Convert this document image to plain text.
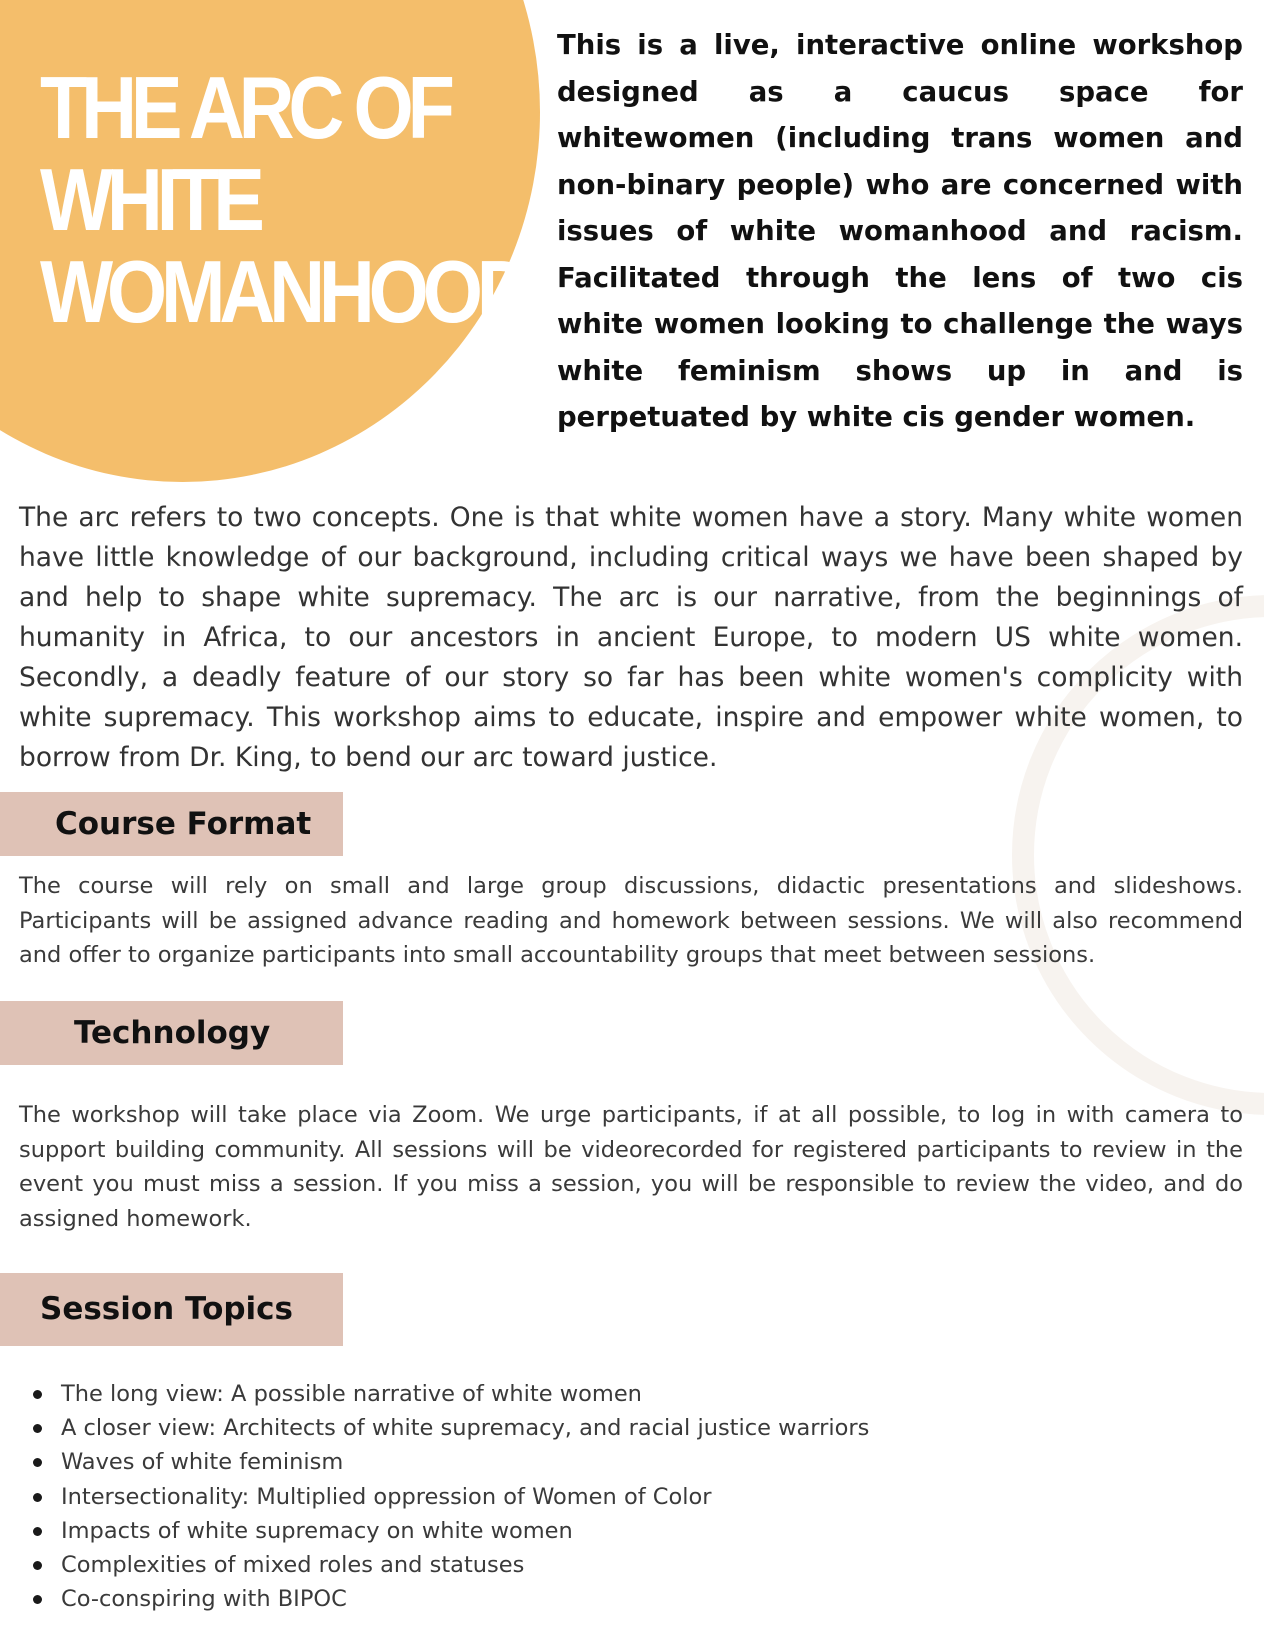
THE ARC OF
WHITE
WOMANHOOD

This is a live, interactive online workshop designed as a caucus space for whitewomen (including trans women and non-binary people) who are concerned with issues of white womanhood and racism. Facilitated through the lens of two cis white women looking to challenge the ways white feminism shows up in and is perpetuated by white cis gender women.

The arc refers to two concepts. One is that white women have a story. Many white women have little knowledge of our background, including critical ways we have been shaped by and help to shape white supremacy. The arc is our narrative, from the beginnings of humanity in Africa, to our ancestors in ancient Europe, to modern US white women. Secondly, a deadly feature of our story so far has been white women's complicity with white supremacy. This workshop aims to educate, inspire and empower white women, to borrow from Dr. King, to bend our arc toward justice.

Course Format

The course will rely on small and large group discussions, didactic presentations and slideshows. Participants will be assigned advance reading and homework between sessions. We will also recommend and offer to organize participants into small accountability groups that meet between sessions.

Technology

The workshop will take place via Zoom. We urge participants, if at all possible, to log in with camera to support building community. All sessions will be videorecorded for registered participants to review in the event you must miss a session. If you miss a session, you will be responsible to review the video, and do assigned homework.

Session Topics
The long view: A possible narrative of white women
A closer view: Architects of white supremacy, and racial justice warriors
Waves of white feminism
Intersectionality: Multiplied oppression of Women of Color
Impacts of white supremacy on white women
Complexities of mixed roles and statuses
Co-conspiring with BIPOC
